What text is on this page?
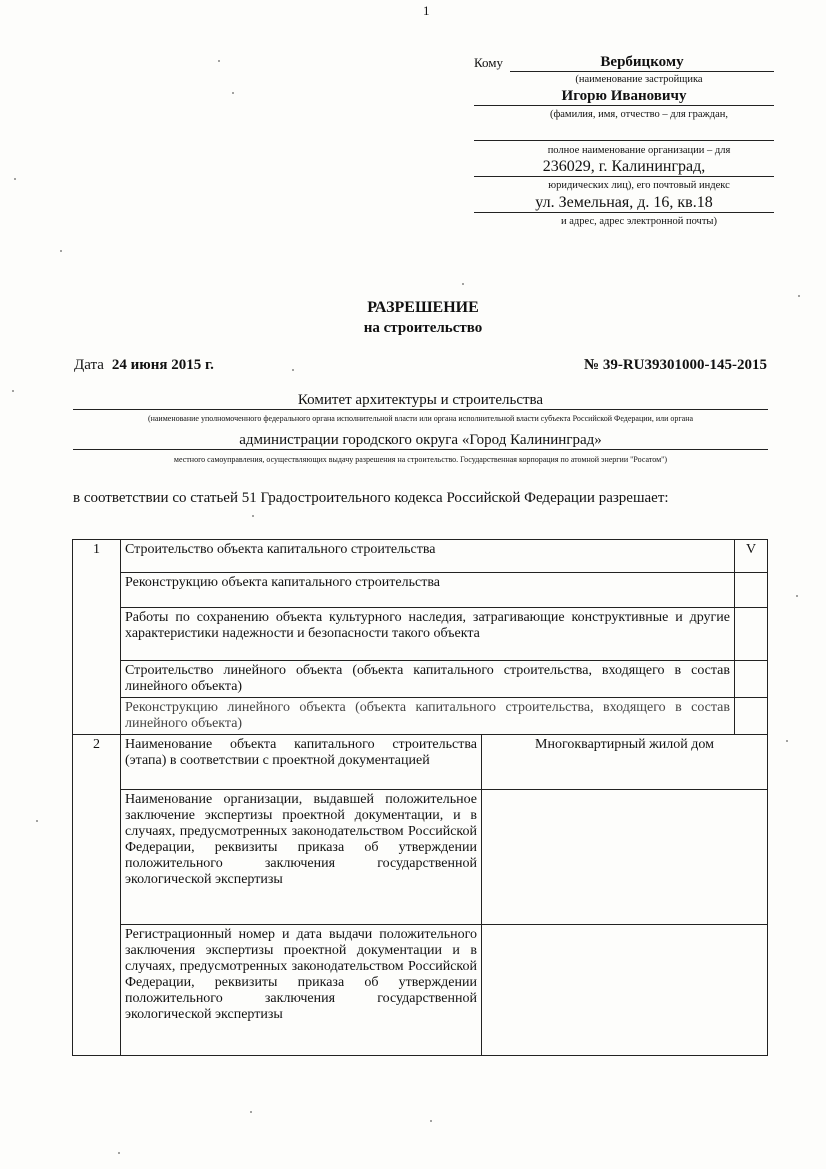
1
Кому	Вербицкому
(наименование застройщика
Игорю Ивановичу
(фамилия, имя, отчество – для граждан,
полное наименование организации – для
236029, г. Калининград,
юридических лиц), его почтовый индекс
ул. Земельная, д. 16, кв.18
и адрес, адрес электронной почты)
РАЗРЕШЕНИЕ
на строительство
Дата 24 июня 2015 г.	№ 39-RU39301000-145-2015
Комитет архитектуры и строительства
(наименование уполномоченного федерального органа исполнительной власти или органа исполнительной власти субъекта Российской Федерации, или органа
администрации городского округа «Город Калининград»
местного самоуправления, осуществляющих выдачу разрешения на строительство. Государственная корпорация по атомной энергии "Росатом")
в соответствии со статьей 51 Градостроительного кодекса Российской Федерации разрешает:
1	Строительство объекта капитального строительства		V
	Реконструкцию объекта капитального строительства		
	Работы по сохранению объекта культурного наследия, затрагивающие конструктивные и другие характеристики надежности и безопасности такого объекта		
	Строительство линейного объекта (объекта капитального строительства, входящего в состав линейного объекта)		
	Реконструкцию линейного объекта (объекта капитального строительства, входящего в состав линейного объекта)		
2	Наименование объекта капитального строительства (этапа) в соответствии с проектной документацией	Многоквартирный жилой дом	
	Наименование организации, выдавшей положительное заключение экспертизы проектной документации, и в случаях, предусмотренных законодательством Российской Федерации, реквизиты приказа об утверждении положительного заключения государственной экологической экспертизы		
	Регистрационный номер и дата выдачи положительного заключения экспертизы проектной документации и в случаях, предусмотренных законодательством Российской Федерации, реквизиты приказа об утверждении положительного заключения государственной экологической экспертизы		
